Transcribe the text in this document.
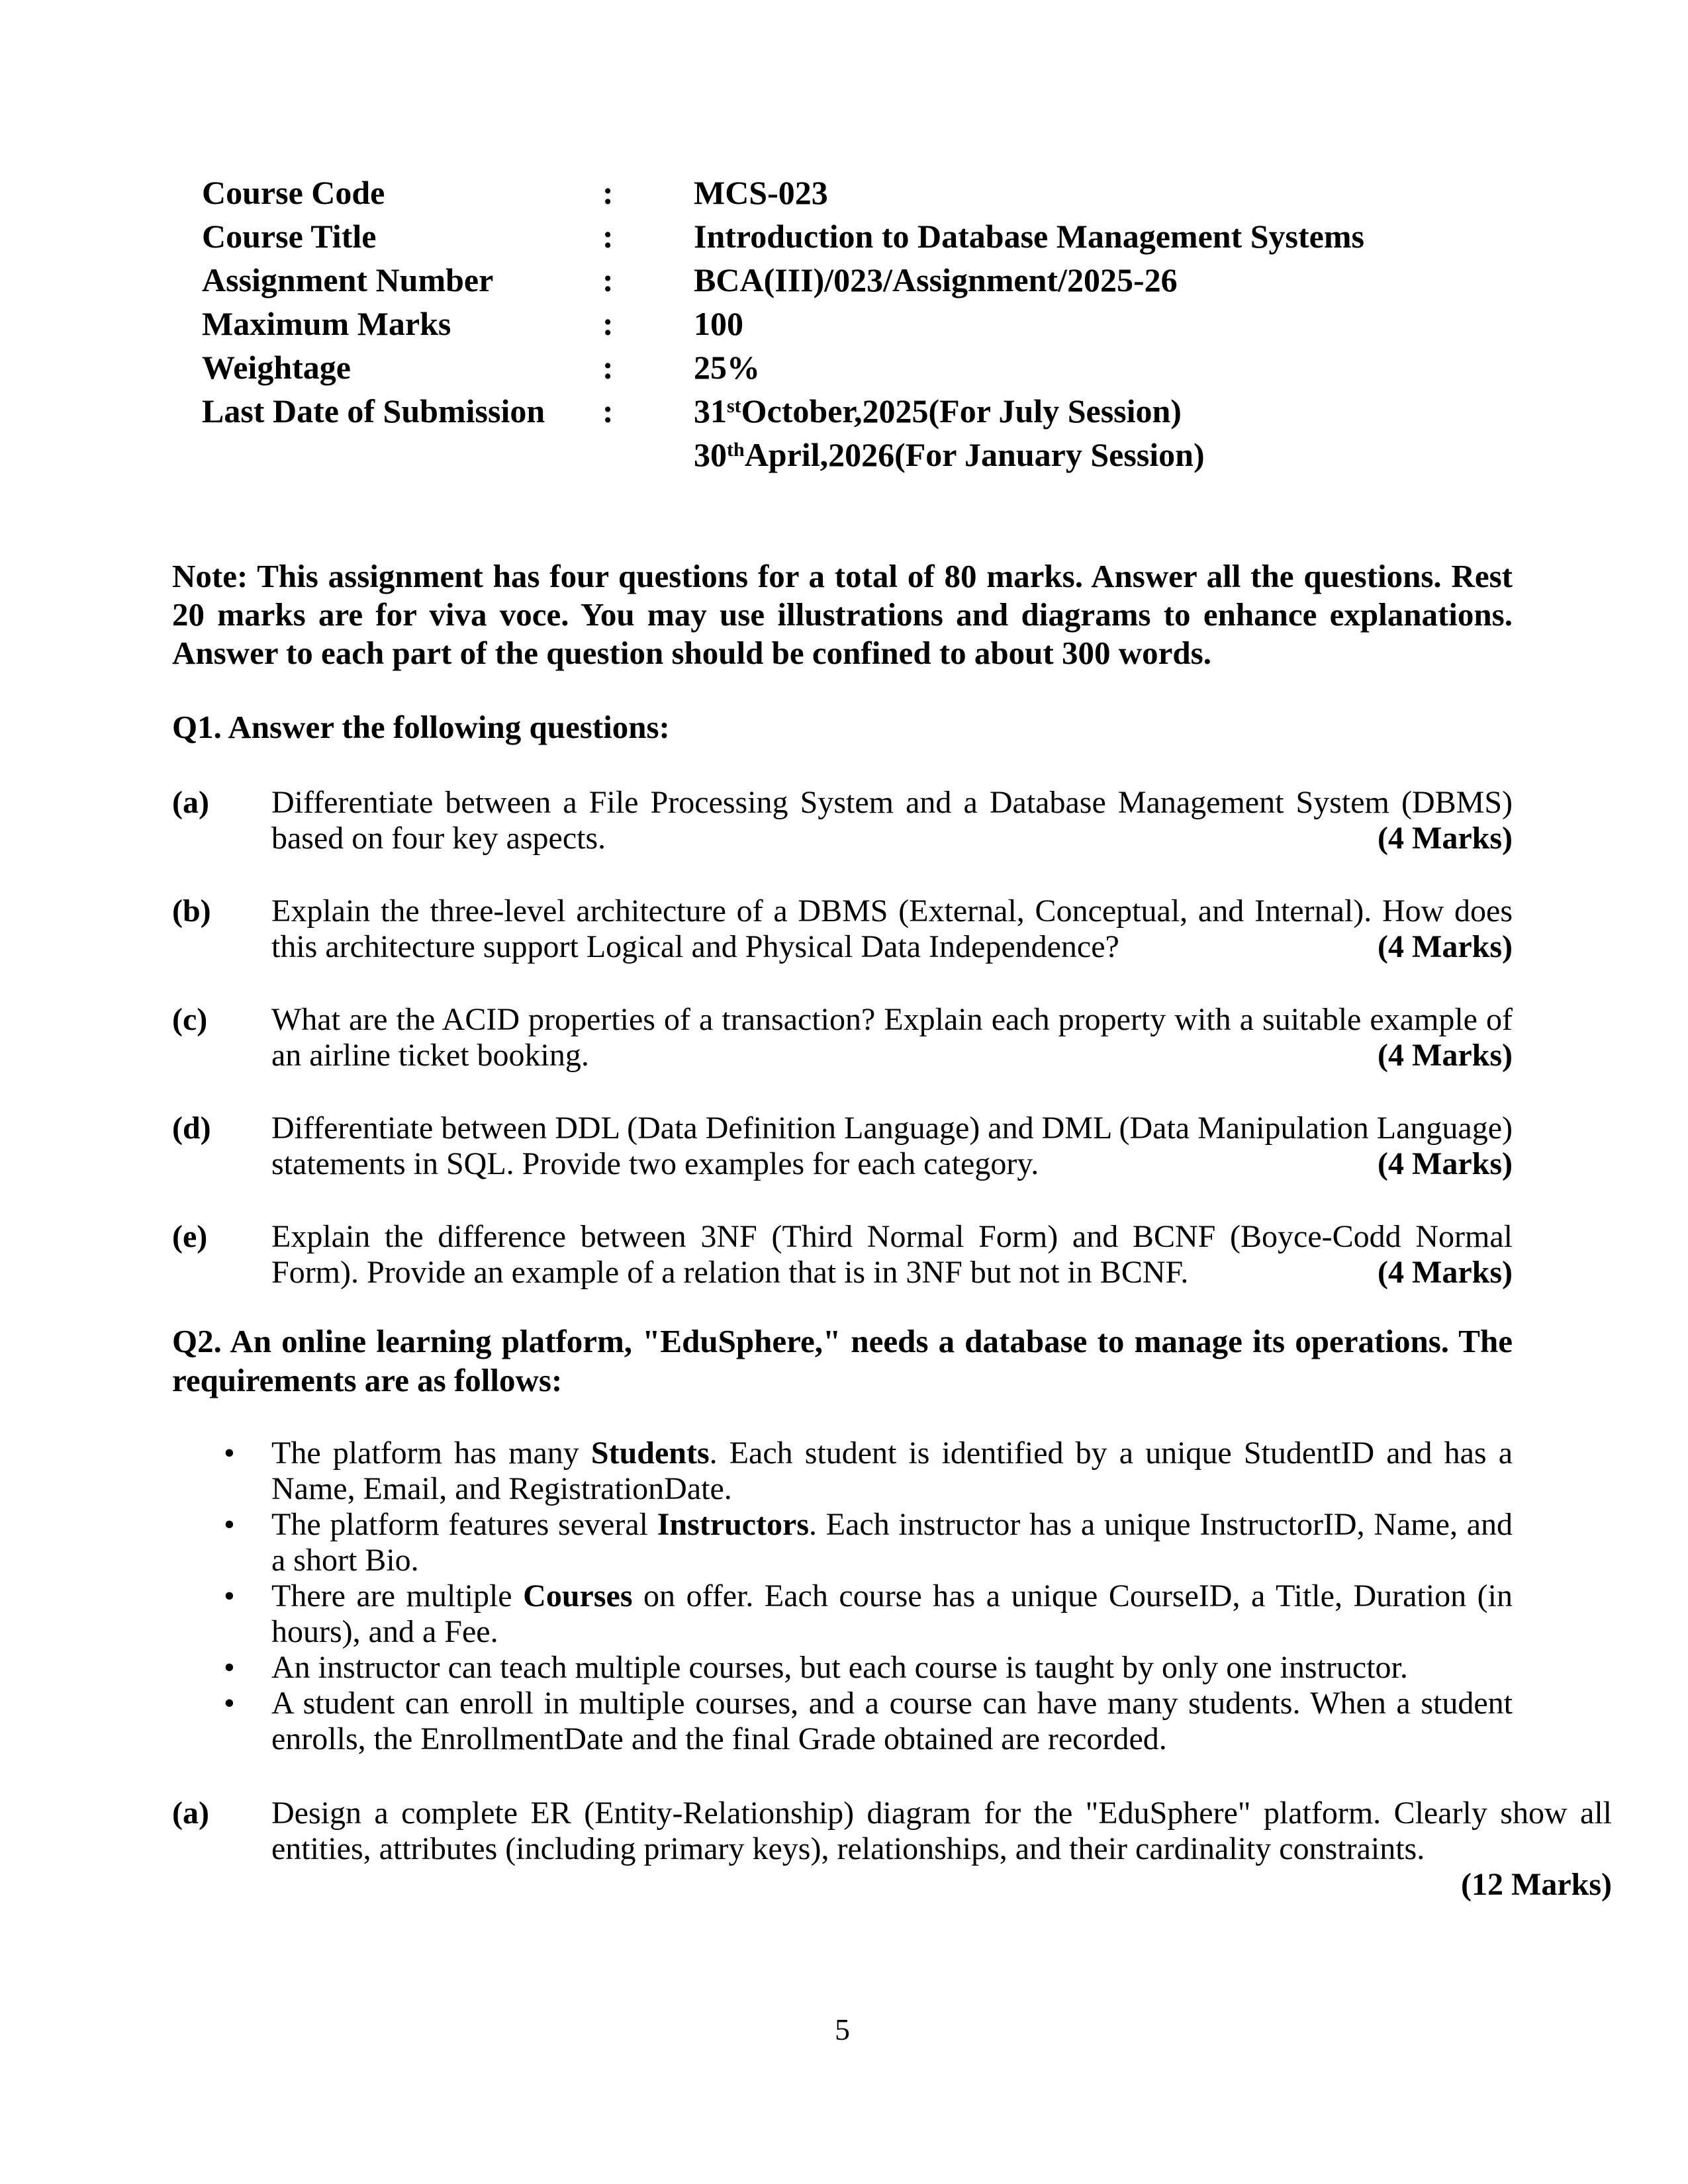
Course Code	:	MCS-023
Course Title	:	Introduction to Database Management Systems
Assignment Number	:	BCA(III)/023/Assignment/2025-26
Maximum Marks	:	100
Weightage	:	25%
Last Date of Submission	:	31stOctober,2025(For July Session)
30thApril,2026(For January Session)

Note: This assignment has four questions for a total of 80 marks. Answer all the questions. Rest 20 marks are for viva voce. You may use illustrations and diagrams to enhance explanations. Answer to each part of the question should be confined to about 300 words.

Q1. Answer the following questions:
(a) Differentiate between a File Processing System and a Database Management System (DBMS) based on four key aspects.	(4 Marks)
(b) Explain the three-level architecture of a DBMS (External, Conceptual, and Internal). How does this architecture support Logical and Physical Data Independence?	(4 Marks)
(c) What are the ACID properties of a transaction? Explain each property with a suitable example of an airline ticket booking.	(4 Marks)
(d) Differentiate between DDL (Data Definition Language) and DML (Data Manipulation Language) statements in SQL. Provide two examples for each category.	(4 Marks)
(e) Explain the difference between 3NF (Third Normal Form) and BCNF (Boyce-Codd Normal Form). Provide an example of a relation that is in 3NF but not in BCNF.	(4 Marks)
Q2. An online learning platform, "EduSphere," needs a database to manage its operations. The requirements are as follows:
• The platform has many Students. Each student is identified by a unique StudentID and has a Name, Email, and RegistrationDate.
• The platform features several Instructors. Each instructor has a unique InstructorID, Name, and a short Bio.
• There are multiple Courses on offer. Each course has a unique CourseID, a Title, Duration (in hours), and a Fee.
• An instructor can teach multiple courses, but each course is taught by only one instructor.
• A student can enroll in multiple courses, and a course can have many students. When a student enrolls, the EnrollmentDate and the final Grade obtained are recorded.
(a) Design a complete ER (Entity-Relationship) diagram for the "EduSphere" platform. Clearly show all entities, attributes (including primary keys), relationships, and their cardinality constraints.
(12 Marks)
5
